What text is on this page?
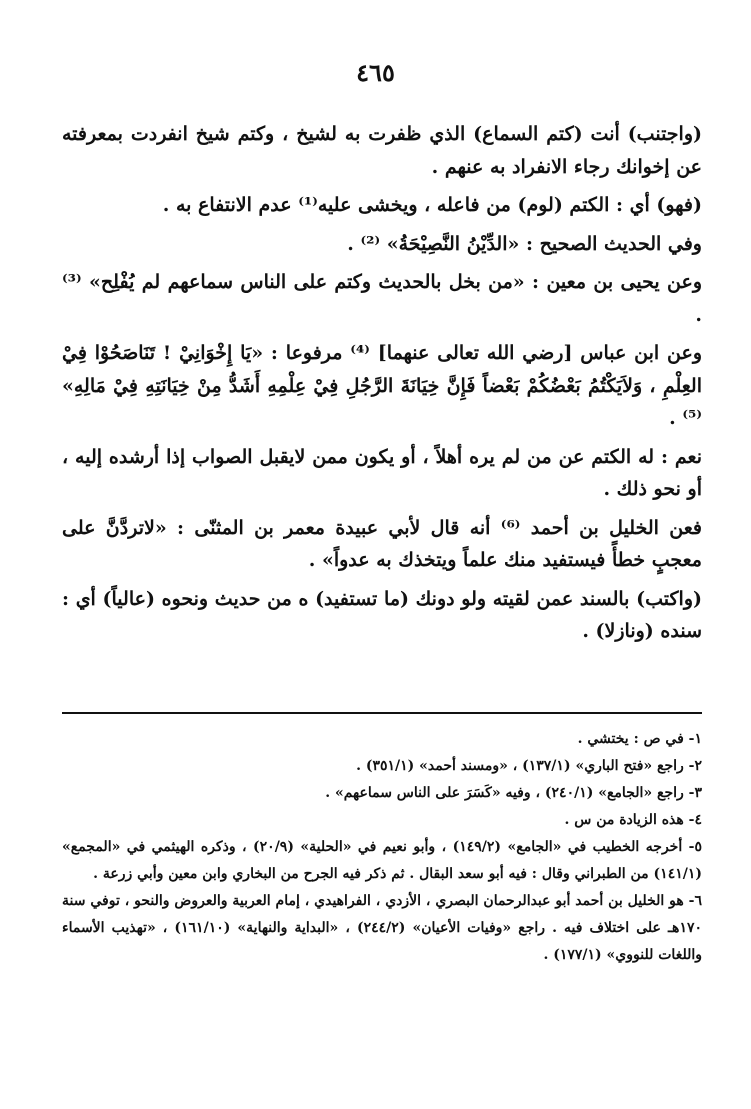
٤٦٥

(واجتنب) أنت (كتم السماع) الذي ظفرت به لشيخ ، وكتم شيخ انفردت بمعرفته عن إخوانك رجاء الانفراد به عنهم .

(فهو) أي : الكتم (لوم) من فاعله ، ويخشى عليه⁽¹⁾ عدم الانتفاع به .

وفي الحديث الصحيح : «الدِّيْنُ النَّصِيْحَةُ» ⁽²⁾ .

وعن يحيى بن معين : «من بخل بالحديث وكتم على الناس سماعهم لم يُفْلِح» ⁽³⁾ .

وعن ابن عباس [رضي الله تعالى عنهما] ⁽⁴⁾ مرفوعا : «يَا إِخْوَانِيْ ! تَنَاصَحُوْا فِيْ العِلْمِ ، وَلاَيَكْتُمُ بَعْضُكُمْ بَعْضاً فَإِنَّ خِيَانَةَ الرَّجُلِ فِيْ عِلْمِهِ أَشَدُّ مِنْ خِيَانَتِهِ فِيْ مَالِهِ» ⁽⁵⁾ .

نعم : له الكتم عن من لم يره أهلاً ، أو يكون ممن لايقبل الصواب إذا أرشده إليه ، أو نحو ذلك .

فعن الخليل بن أحمد ⁽⁶⁾ أنه قال لأبي عبيدة معمر بن المثنّى : «لاتردَّنَّ على معجبٍ خطأً فيستفيد منك علماً ويتخذك به عدواً» .

(واكتب) بالسند عمن لقيته ولو دونك (ما تستفيد) ه من حديث ونحوه (عالياً) أي : سنده (ونازلا) .

١- في ص : يختشي .

٢- راجع «فتح الباري» (١٣٧/١) ، «ومسند أحمد» (٣٥١/١) .

٣- راجع «الجامع» (٢٤٠/١) ، وفيه «كَسَرَ على الناس سماعهم» .

٤- هذه الزيادة من س .

٥- أخرجه الخطيب في «الجامع» (١٤٩/٢) ، وأبو نعيم في «الحلية» (٢٠/٩) ، وذكره الهيثمي في «المجمع» (١٤١/١) من الطبراني وقال : فيه أبو سعد البقال . ثم ذكر فيه الجرح من البخاري وابن معين وأبي زرعة .

٦- هو الخليل بن أحمد أبو عبدالرحمان البصري ، الأزدي ، الفراهيدي ، إمام العربية والعروض والنحو ، توفي سنة ١٧٠هـ على اختلاف فيه . راجع «وفيات الأعيان» (٢٤٤/٢) ، «البداية والنهاية» (١٦١/١٠) ، «تهذيب الأسماء واللغات للنووي» (١٧٧/١) .
